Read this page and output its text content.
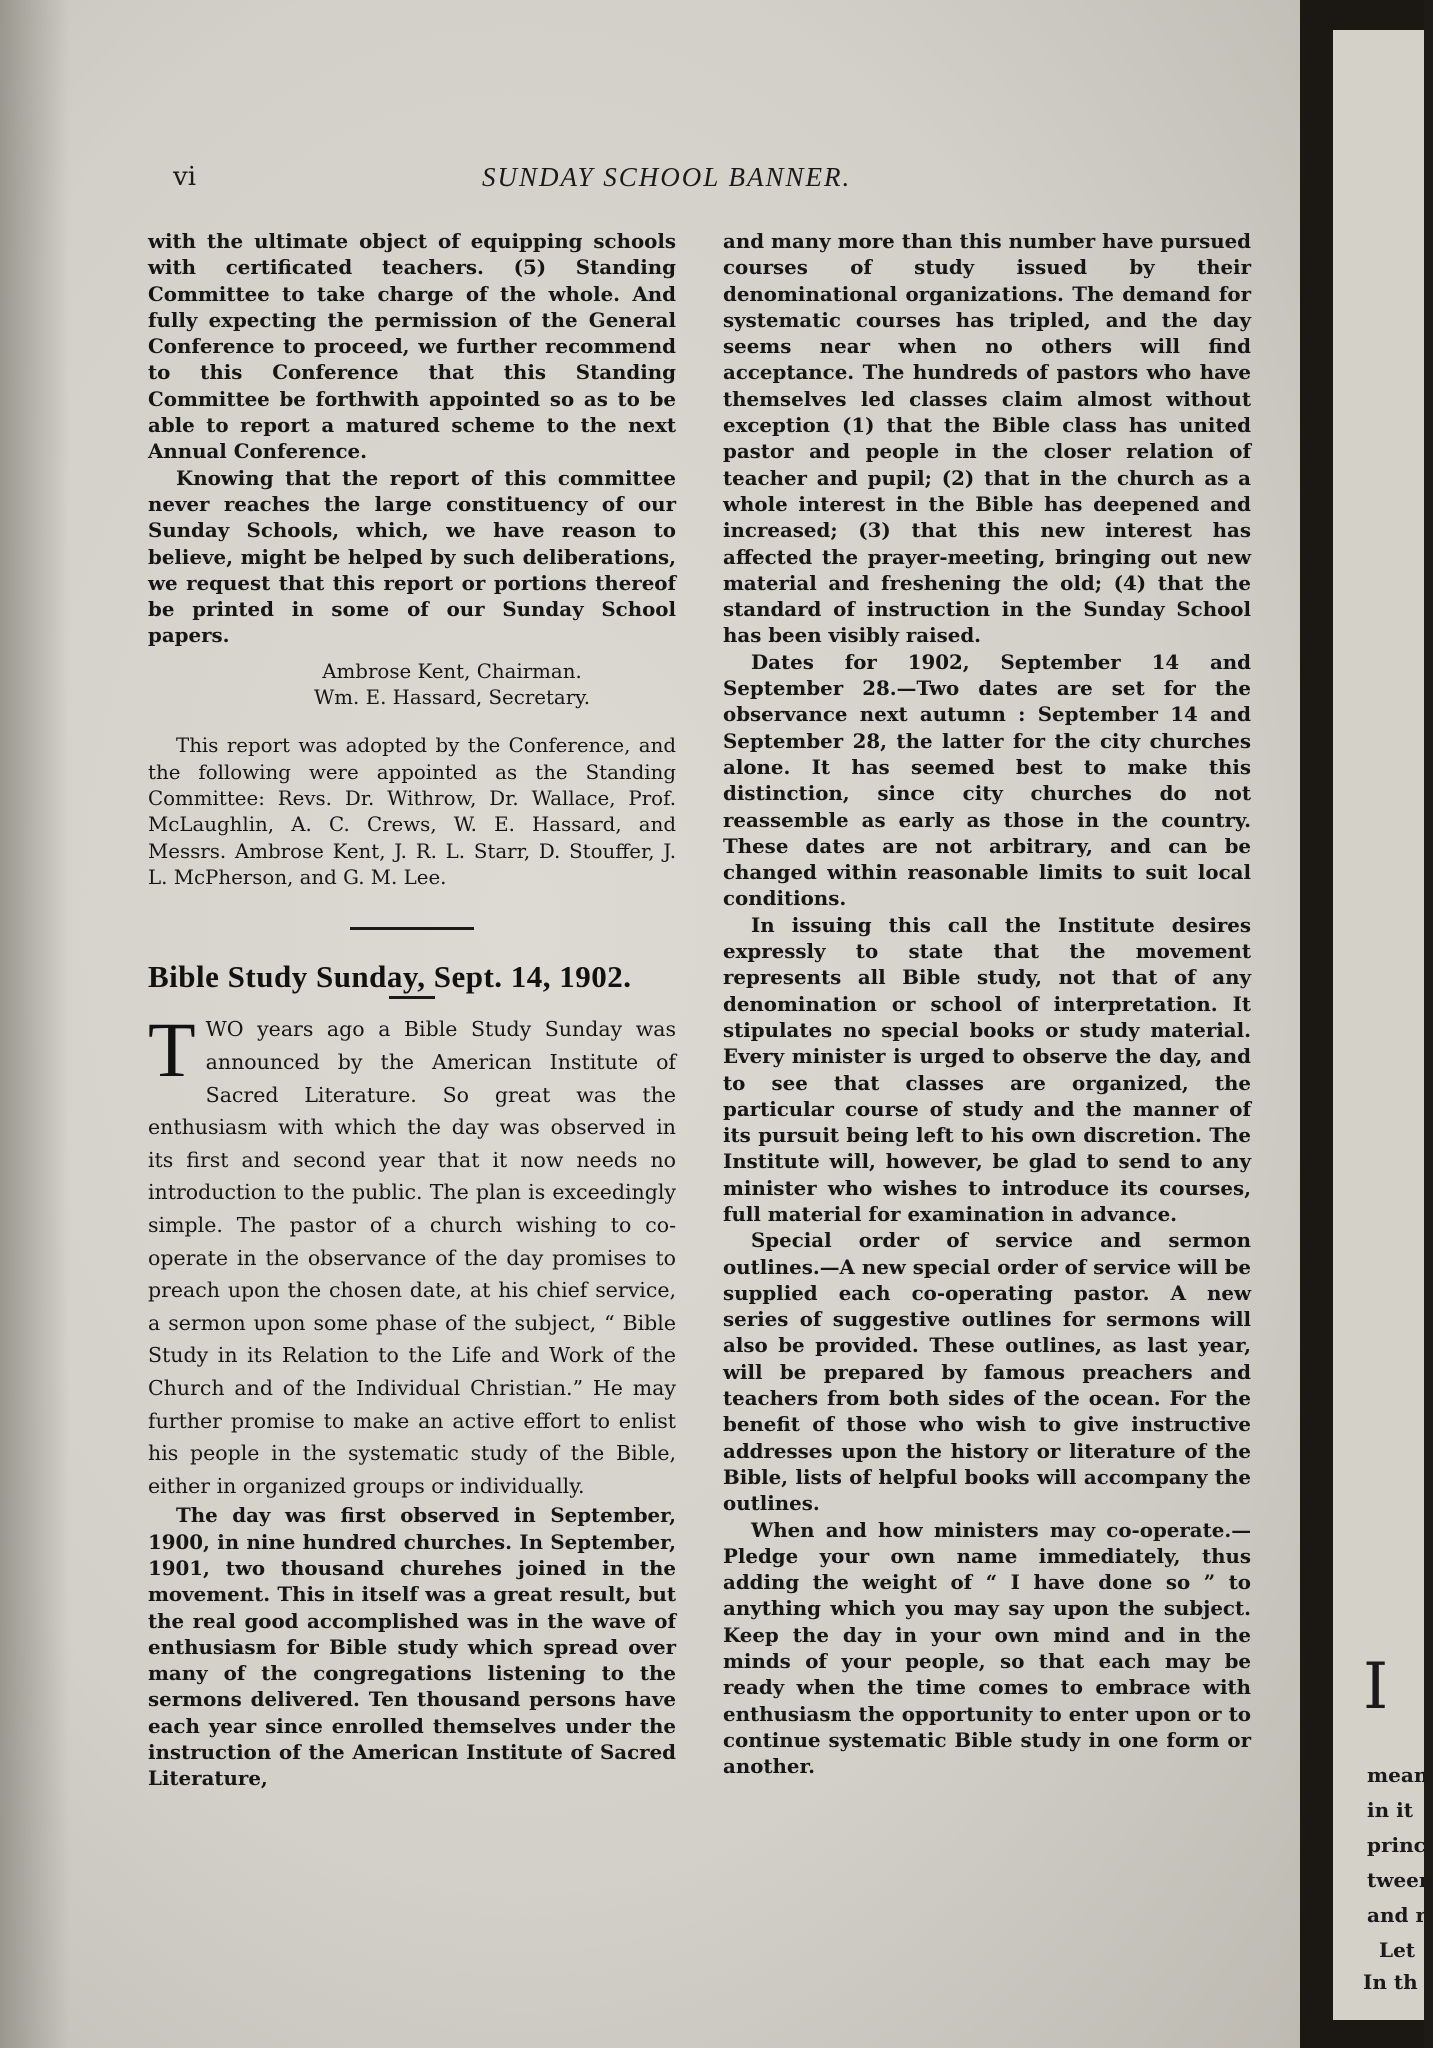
vi	SUNDAY SCHOOL BANNER.

with the ultimate object of equipping schools with certificated teachers. (5) Standing Committee to take charge of the whole. And fully expecting the permission of the General Conference to proceed, we further recommend to this Conference that this Standing Committee be forthwith appointed so as to be able to report a matured scheme to the next Annual Conference.

Knowing that the report of this committee never reaches the large constituency of our Sunday Schools, which, we have reason to believe, might be helped by such deliberations, we request that this report or portions thereof be printed in some of our Sunday School papers.

Ambrose Kent, Chairman.
Wm. E. Hassard, Secretary.

This report was adopted by the Conference, and the following were appointed as the Standing Committee: Revs. Dr. Withrow, Dr. Wallace, Prof. McLaughlin, A. C. Crews, W. E. Hassard, and Messrs. Ambrose Kent, J. R. L. Starr, D. Stouffer, J. L. McPherson, and G. M. Lee.

Bible Study Sunday, Sept. 14, 1902.

TWO years ago a Bible Study Sunday was announced by the American Institute of Sacred Literature. So great was the enthusiasm with which the day was observed in its first and second year that it now needs no introduction to the public. The plan is exceedingly simple. The pastor of a church wishing to co-operate in the observance of the day promises to preach upon the chosen date, at his chief service, a sermon upon some phase of the subject, “ Bible Study in its Relation to the Life and Work of the Church and of the Individual Christian.” He may further promise to make an active effort to enlist his people in the systematic study of the Bible, either in organized groups or individually.

The day was first observed in September, 1900, in nine hundred churches. In September, 1901, two thousand churehes joined in the movement. This in itself was a great result, but the real good accomplished was in the wave of enthusiasm for Bible study which spread over many of the congregations listening to the sermons delivered. Ten thousand persons have each year since enrolled themselves under the instruction of the American Institute of Sacred Literature,

and many more than this number have pursued courses of study issued by their denominational organizations. The demand for systematic courses has tripled, and the day seems near when no others will find acceptance. The hundreds of pastors who have themselves led classes claim almost without exception (1) that the Bible class has united pastor and people in the closer relation of teacher and pupil; (2) that in the church as a whole interest in the Bible has deepened and increased; (3) that this new interest has affected the prayer-meeting, bringing out new material and freshening the old; (4) that the standard of instruction in the Sunday School has been visibly raised.

Dates for 1902, September 14 and September 28.—Two dates are set for the observance next autumn : September 14 and September 28, the latter for the city churches alone. It has seemed best to make this distinction, since city churches do not reassemble as early as those in the country. These dates are not arbitrary, and can be changed within reasonable limits to suit local conditions.

In issuing this call the Institute desires expressly to state that the movement represents all Bible study, not that of any denomination or school of interpretation. It stipulates no special books or study material. Every minister is urged to observe the day, and to see that classes are organized, the particular course of study and the manner of its pursuit being left to his own discretion. The Institute will, however, be glad to send to any minister who wishes to introduce its courses, full material for examination in advance.

Special order of service and sermon outlines.—A new special order of service will be supplied each co-operating pastor. A new series of suggestive outlines for sermons will also be provided. These outlines, as last year, will be prepared by famous preachers and teachers from both sides of the ocean. For the benefit of those who wish to give instructive addresses upon the history or literature of the Bible, lists of helpful books will accompany the outlines.

When and how ministers may co-operate.—Pledge your own name immediately, thus adding the weight of “ I have done so ” to anything which you may say upon the subject. Keep the day in your own mind and in the minds of your people, so that each may be ready when the time comes to embrace with enthusiasm the opportunity to enter upon or to continue systematic Bible study in one form or another.

I
mean
in it
princ
tween
and r
Let
In th
